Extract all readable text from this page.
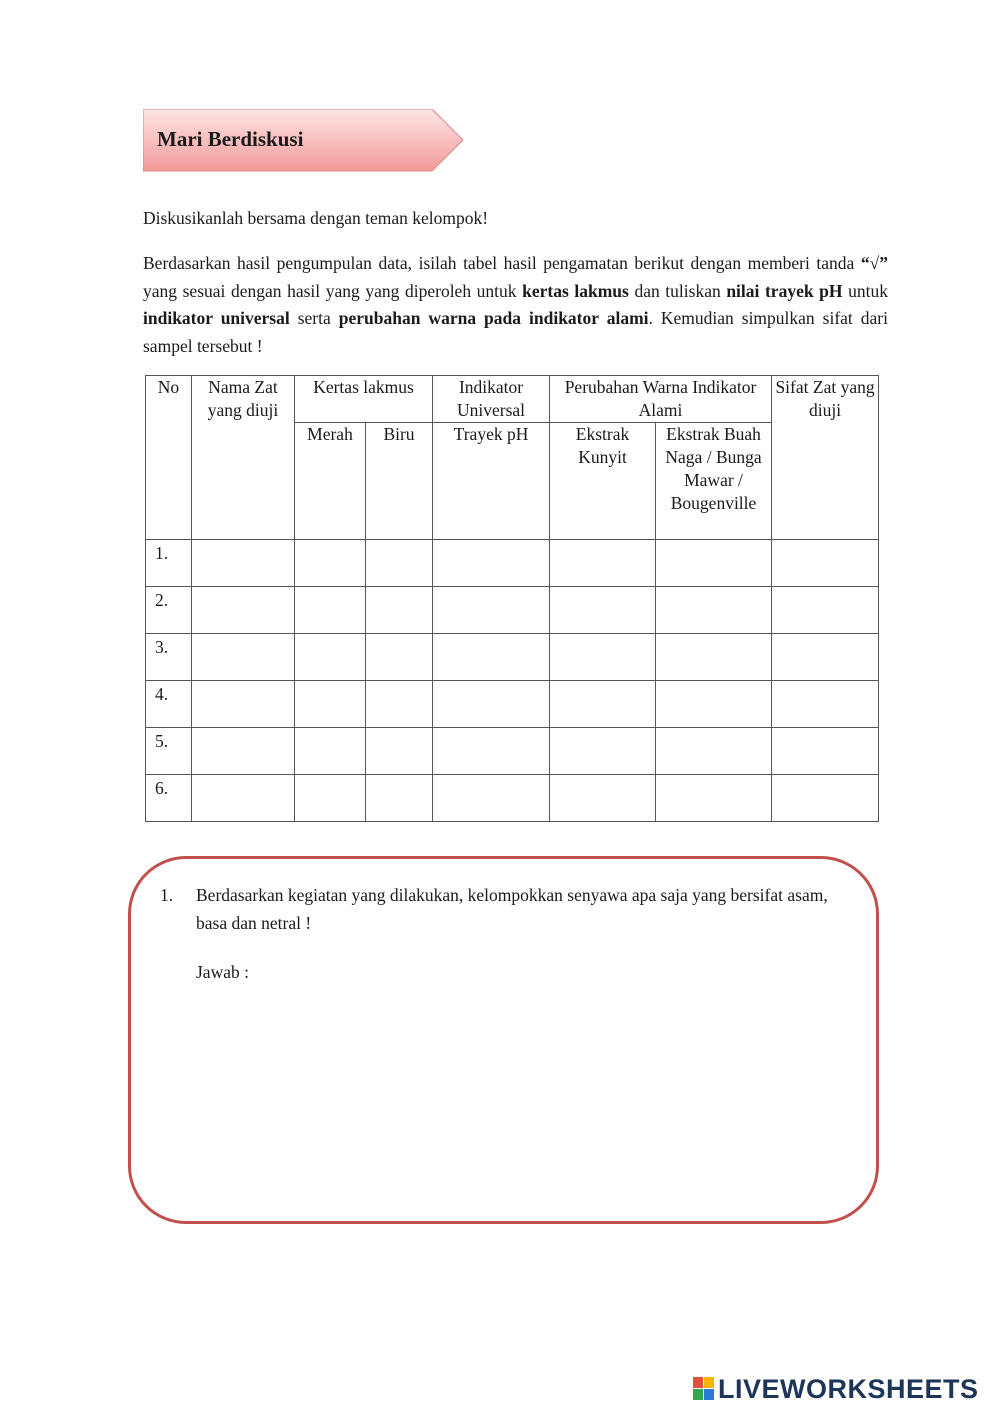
Mari Berdiskusi

Diskusikanlah bersama dengan teman kelompok!

Berdasarkan hasil pengumpulan data, isilah tabel hasil pengamatan berikut dengan memberi tanda “√” yang sesuai dengan hasil yang yang diperoleh untuk kertas lakmus dan tuliskan nilai trayek pH untuk indikator universal serta perubahan warna pada indikator alami. Kemudian simpulkan sifat dari sampel tersebut !

No	Nama Zat yang diuji	Kertas lakmus		Indikator Universal	Perubahan Warna Indikator Alami		Sifat Zat yang diuji

		Merah	Biru	Trayek pH	Ekstrak Kunyit	Ekstrak Buah Naga / Bunga Mawar / Bougenville	

1.							
2.							
3.							
4.							
5.							
6.							
1. Berdasarkan kegiatan yang dilakukan, kelompokkan senyawa apa saja yang bersifat asam, basa dan netral !
Jawab :
LIVEWORKSHEETS
